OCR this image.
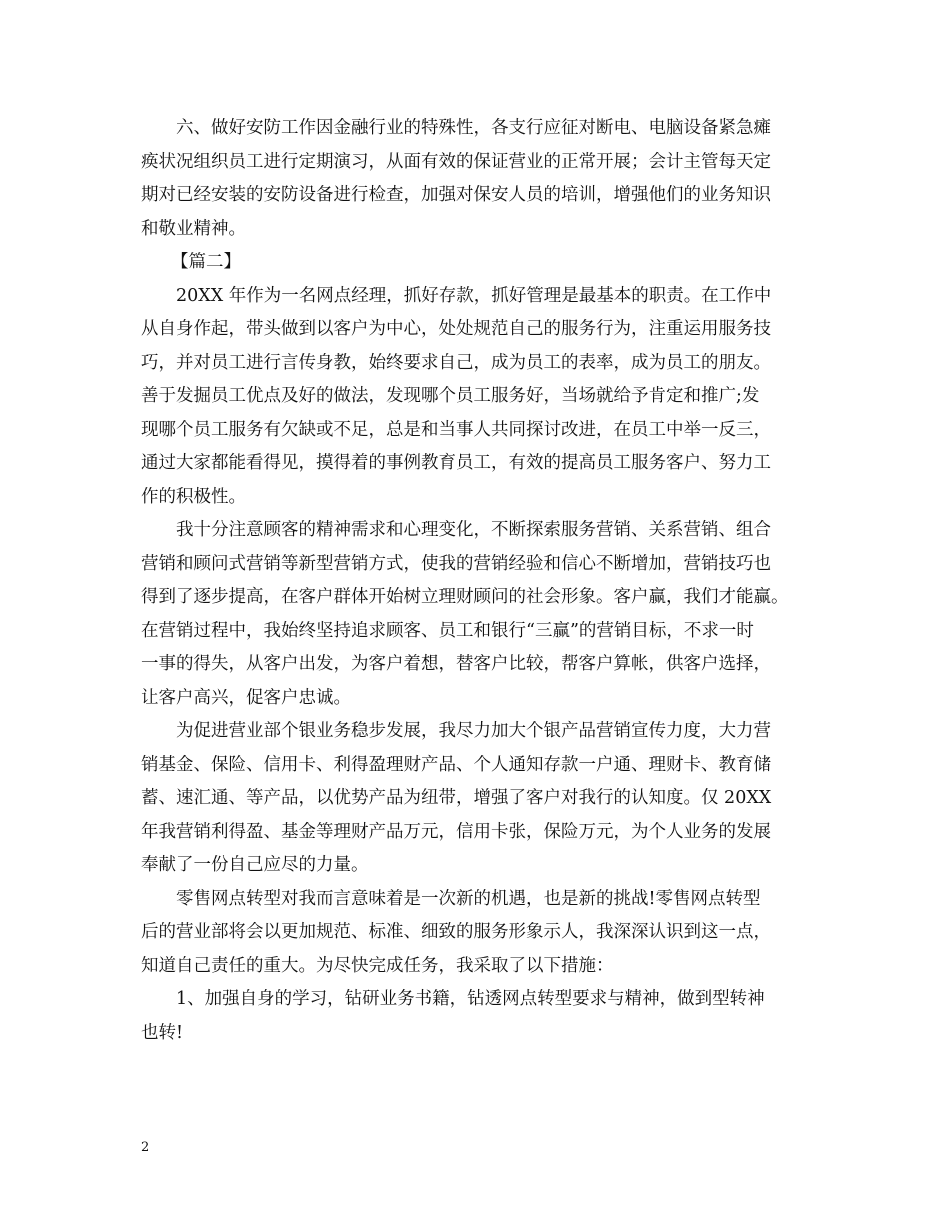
六、做好安防工作因金融行业的特殊性，各支行应征对断电、电脑设备紧急瘫
痪状况组织员工进行定期演习，从面有效的保证营业的正常开展；会计主管每天定
期对已经安装的安防设备进行检查，加强对保安人员的培训，增强他们的业务知识
和敬业精神。
【篇二】
20XX 年作为一名网点经理，抓好存款，抓好管理是最基本的职责。在工作中
从自身作起，带头做到以客户为中心，处处规范自己的服务行为，注重运用服务技
巧，并对员工进行言传身教，始终要求自己，成为员工的表率，成为员工的朋友。
善于发掘员工优点及好的做法，发现哪个员工服务好，当场就给予肯定和推广;发
现哪个员工服务有欠缺或不足，总是和当事人共同探讨改进，在员工中举一反三，
通过大家都能看得见，摸得着的事例教育员工，有效的提高员工服务客户、努力工
作的积极性。
我十分注意顾客的精神需求和心理变化，不断探索服务营销、关系营销、组合
营销和顾问式营销等新型营销方式，使我的营销经验和信心不断增加，营销技巧也
得到了逐步提高，在客户群体开始树立理财顾问的社会形象。客户赢，我们才能赢。
在营销过程中，我始终坚持追求顾客、员工和银行“三赢”的营销目标，不求一时
一事的得失，从客户出发，为客户着想，替客户比较，帮客户算帐，供客户选择，
让客户高兴，促客户忠诚。
为促进营业部个银业务稳步发展，我尽力加大个银产品营销宣传力度，大力营
销基金、保险、信用卡、利得盈理财产品、个人通知存款一户通、理财卡、教育储
蓄、速汇通、等产品，以优势产品为纽带，增强了客户对我行的认知度。仅 20XX
年我营销利得盈、基金等理财产品万元，信用卡张，保险万元，为个人业务的发展
奉献了一份自己应尽的力量。
零售网点转型对我而言意味着是一次新的机遇，也是新的挑战!零售网点转型
后的营业部将会以更加规范、标准、细致的服务形象示人，我深深认识到这一点，
知道自己责任的重大。为尽快完成任务，我采取了以下措施：
1、加强自身的学习，钻研业务书籍，钻透网点转型要求与精神，做到型转神
也转!
2
